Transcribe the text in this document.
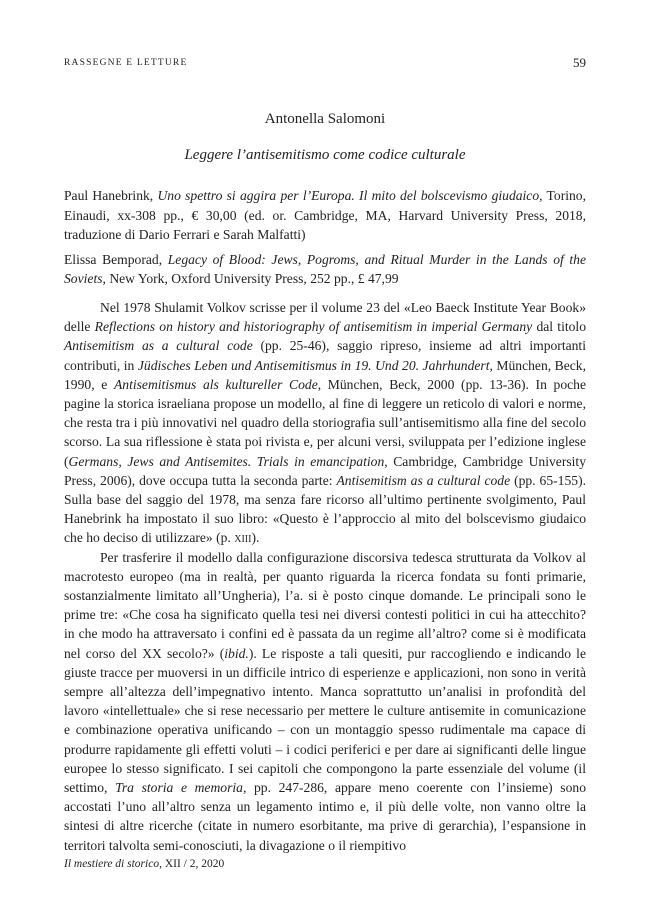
RASSEGNE E LETTURE	59
Antonella Salomoni
Leggere l’antisemitismo come codice culturale

Paul Hanebrink, Uno spettro si aggira per l’Europa. Il mito del bolscevismo giudaico, Torino, Einaudi, xx-308 pp., € 30,00 (ed. or. Cambridge, MA, Harvard University Press, 2018, traduzione di Dario Ferrari e Sarah Malfatti)

Elissa Bemporad, Legacy of Blood: Jews, Pogroms, and Ritual Murder in the Lands of the Soviets, New York, Oxford University Press, 252 pp., £ 47,99

Nel 1978 Shulamit Volkov scrisse per il volume 23 del «Leo Baeck Institute Year Book» delle Reflections on history and historiography of antisemitism in imperial Germany dal titolo Antisemitism as a cultural code (pp. 25-46), saggio ripreso, insieme ad altri importanti contributi, in Jüdisches Leben und Antisemitismus in 19. Und 20. Jahrhundert, München, Beck, 1990, e Antisemitismus als kultureller Code, München, Beck, 2000 (pp. 13-36). In poche pagine la storica israeliana propose un modello, al fine di leggere un reticolo di valori e norme, che resta tra i più innovativi nel quadro della storiografia sull’antisemitismo alla fine del secolo scorso. La sua riflessione è stata poi rivista e, per alcuni versi, sviluppata per l’edizione inglese (Germans, Jews and Antisemites. Trials in emancipation, Cambridge, Cambridge University Press, 2006), dove occupa tutta la seconda parte: Antisemitism as a cultural code (pp. 65-155). Sulla base del saggio del 1978, ma senza fare ricorso all’ultimo pertinente svolgimento, Paul Hanebrink ha impostato il suo libro: «Questo è l’approccio al mito del bolscevismo giudaico che ho deciso di utilizzare» (p. xiii).

Per trasferire il modello dalla configurazione discorsiva tedesca strutturata da Volkov al macrotesto europeo (ma in realtà, per quanto riguarda la ricerca fondata su fonti primarie, sostanzialmente limitato all’Ungheria), l’a. si è posto cinque domande. Le principali sono le prime tre: «Che cosa ha significato quella tesi nei diversi contesti politici in cui ha attecchito? in che modo ha attraversato i confini ed è passata da un regime all’altro? come si è modificata nel corso del XX secolo?» (ibid.). Le risposte a tali quesiti, pur raccogliendo e indicando le giuste tracce per muoversi in un difficile intrico di esperienze e applicazioni, non sono in verità sempre all’altezza dell’impegnativo intento. Manca soprattutto un’analisi in profondità del lavoro «intellettuale» che si rese necessario per mettere le culture antisemite in comunicazione e combinazione operativa unificando – con un montaggio spesso rudimentale ma capace di produrre rapidamente gli effetti voluti – i codici periferici e per dare ai significanti delle lingue europee lo stesso significato. I sei capitoli che compongono la parte essenziale del volume (il settimo, Tra storia e memoria, pp. 247-286, appare meno coerente con l’insieme) sono accostati l’uno all’altro senza un legamento intimo e, il più delle volte, non vanno oltre la sintesi di altre ricerche (citate in numero esorbitante, ma prive di gerarchia), l’espansione in territori talvolta semi-conosciuti, la divagazione o il riempitivo

Il mestiere di storico, XII / 2, 2020
